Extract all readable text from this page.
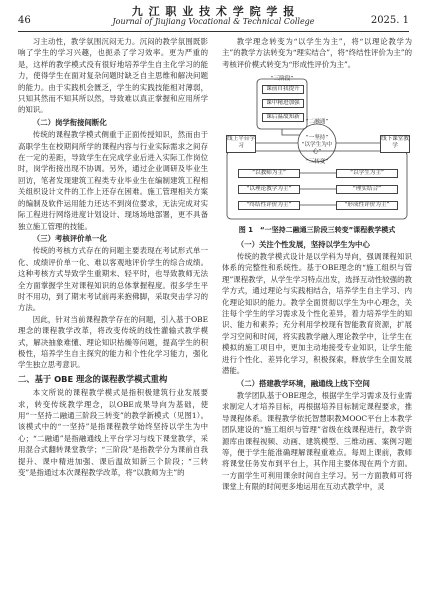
46
九 江 职 业 技 术 学 院 学 报
Journal of Jiujiang Vocational & Technical College	2025. 1

习主动性，教学氛围沉闷无力。沉闷的教学氛围既影响了学生的学习兴趣，也扼杀了学习效率。更为严重的是，这样的教学模式没有很好地培养学生自主化学习的能力，使得学生在面对复杂问题时缺乏自主思维和解决问题的能力。由于实践机会匮乏，学生的实践技能相对薄弱，只知其然而不知其所以然，导致难以真正掌握和应用所学的知识。

（二）岗学衔接间断化

传统的课程教学模式侧重于正面传授知识，然而由于高职学生在校期间所学的课程内容与行业实际需求之间存在一定的差距，导致学生在完成学业后进入实际工作岗位时，岗学衔接出现不协调。另外，通过企业调研及毕业生回访，笔者发现建筑工程类专业毕业生在编制建筑工程相关组织设计文件的工作上还存在困难。施工管理相关方案的编制及软件运用能力还达不到岗位要求，无法完成对实际工程进行网络进度计划设计、现场场地部署，更不具备独立施工管理的技能。

（三）考核评价单一化

传统的考核方式存在的问题主要表现在考试形式单一化、成绩评价单一化、难以客观地评价学生的综合成绩。这种考核方式导致学生重期末、轻平时，也导致教师无法全方面掌握学生对课程知识的总体掌握程度。很多学生平时不用功，到了期末考试前再来抱佛脚，采取突击学习的方法。

因此，针对当前课程教学存在的问题，引入基于OBE理念的课程教学改革，将改变传统的线性灌输式教学模式，解决抽象难懂、理论知识枯燥等问题，提高学生的积极性，培养学生自主探究的能力和个性化学习能力，强化学生独立思考意识。

二、基于 OBE 理念的课程教学模式重构

本文所说的课程教学模式是指积极建筑行业发展要求，转变传统教学理念，以OBE成果导向为基础，使用“一坚持二融通三阶段三转变”的教学新模式（见图1）。该模式中的“一坚持”是指课程教学始终坚持以学生为中心；“二融通”是指融通线上平台学习与线下课堂教学，采用混合式翻转课堂教学；“三阶段”是指教学分为课前自我提升、课中精进加强、课后温故知新三个阶段；“三转变”是指通过本次课程教学改革，将“以教师为主”的

教学理念转变为“以学生为主”，将“以理论教学为主”的教学方法转变为“理实结合”，将“终结性评价为主”的考核评价模式转变为“形成性评价为主”。

“三阶段”
课前自我提升
课中精进加强
课后温故知新
线上平台学习
“二融通”
“一坚持”
“以学生为中心”
线下课堂教学
“三转变”
“以教师为主”	“以学生为主”
“以理论教学为主”	“理实结合”
“终结性评价为主”	“形成性评价为主”

图 1　“一坚持二融通三阶段三转变”课程教学模式

（一）关注个性发展，坚持以学生为中心

传统的教学模式设计是以学科为导向，强调课程知识体系的完整性和系统性。基于OBE理念的“施工组织与管理”课程教学，从学生学习特点出发，选择互动性较强的教学方式，通过理论与实践相结合，培养学生自主学习、内化理论知识的能力。教学全面贯彻以学生为中心理念，关注每个学生的学习需求及个性化差异，着力培养学生的知识、能力和素养；充分利用学校现有智能教育资源，扩展学习空间和时间，将实践教学融入理论教学中，让学生在模拟的施工项目中，更加主动地接受专业知识，让学生能进行个性化、差异化学习，积极探索，释放学生全面发展潜能。

（二）搭建教学环境，融通线上线下空间

教学团队基于OBE理念，根据学生学习需求及行业需求制定人才培养目标，再根据培养目标制定课程要求，推导课程体系。课程教学依托智慧职教MOOC平台上本教学团队建设的“施工组织与管理”省级在线课程进行，教学资源库由课程视频、动画、建筑模型、三维动画、案例习题等，便于学生能准确理解课程重难点。每周上课前，教师将课堂任务发布到平台上，其作用主要体现在两个方面。一方面学生可利用课余时间自主学习。另一方面教师可将课堂上有限的时间更多地运用在互动式教学中，灵
